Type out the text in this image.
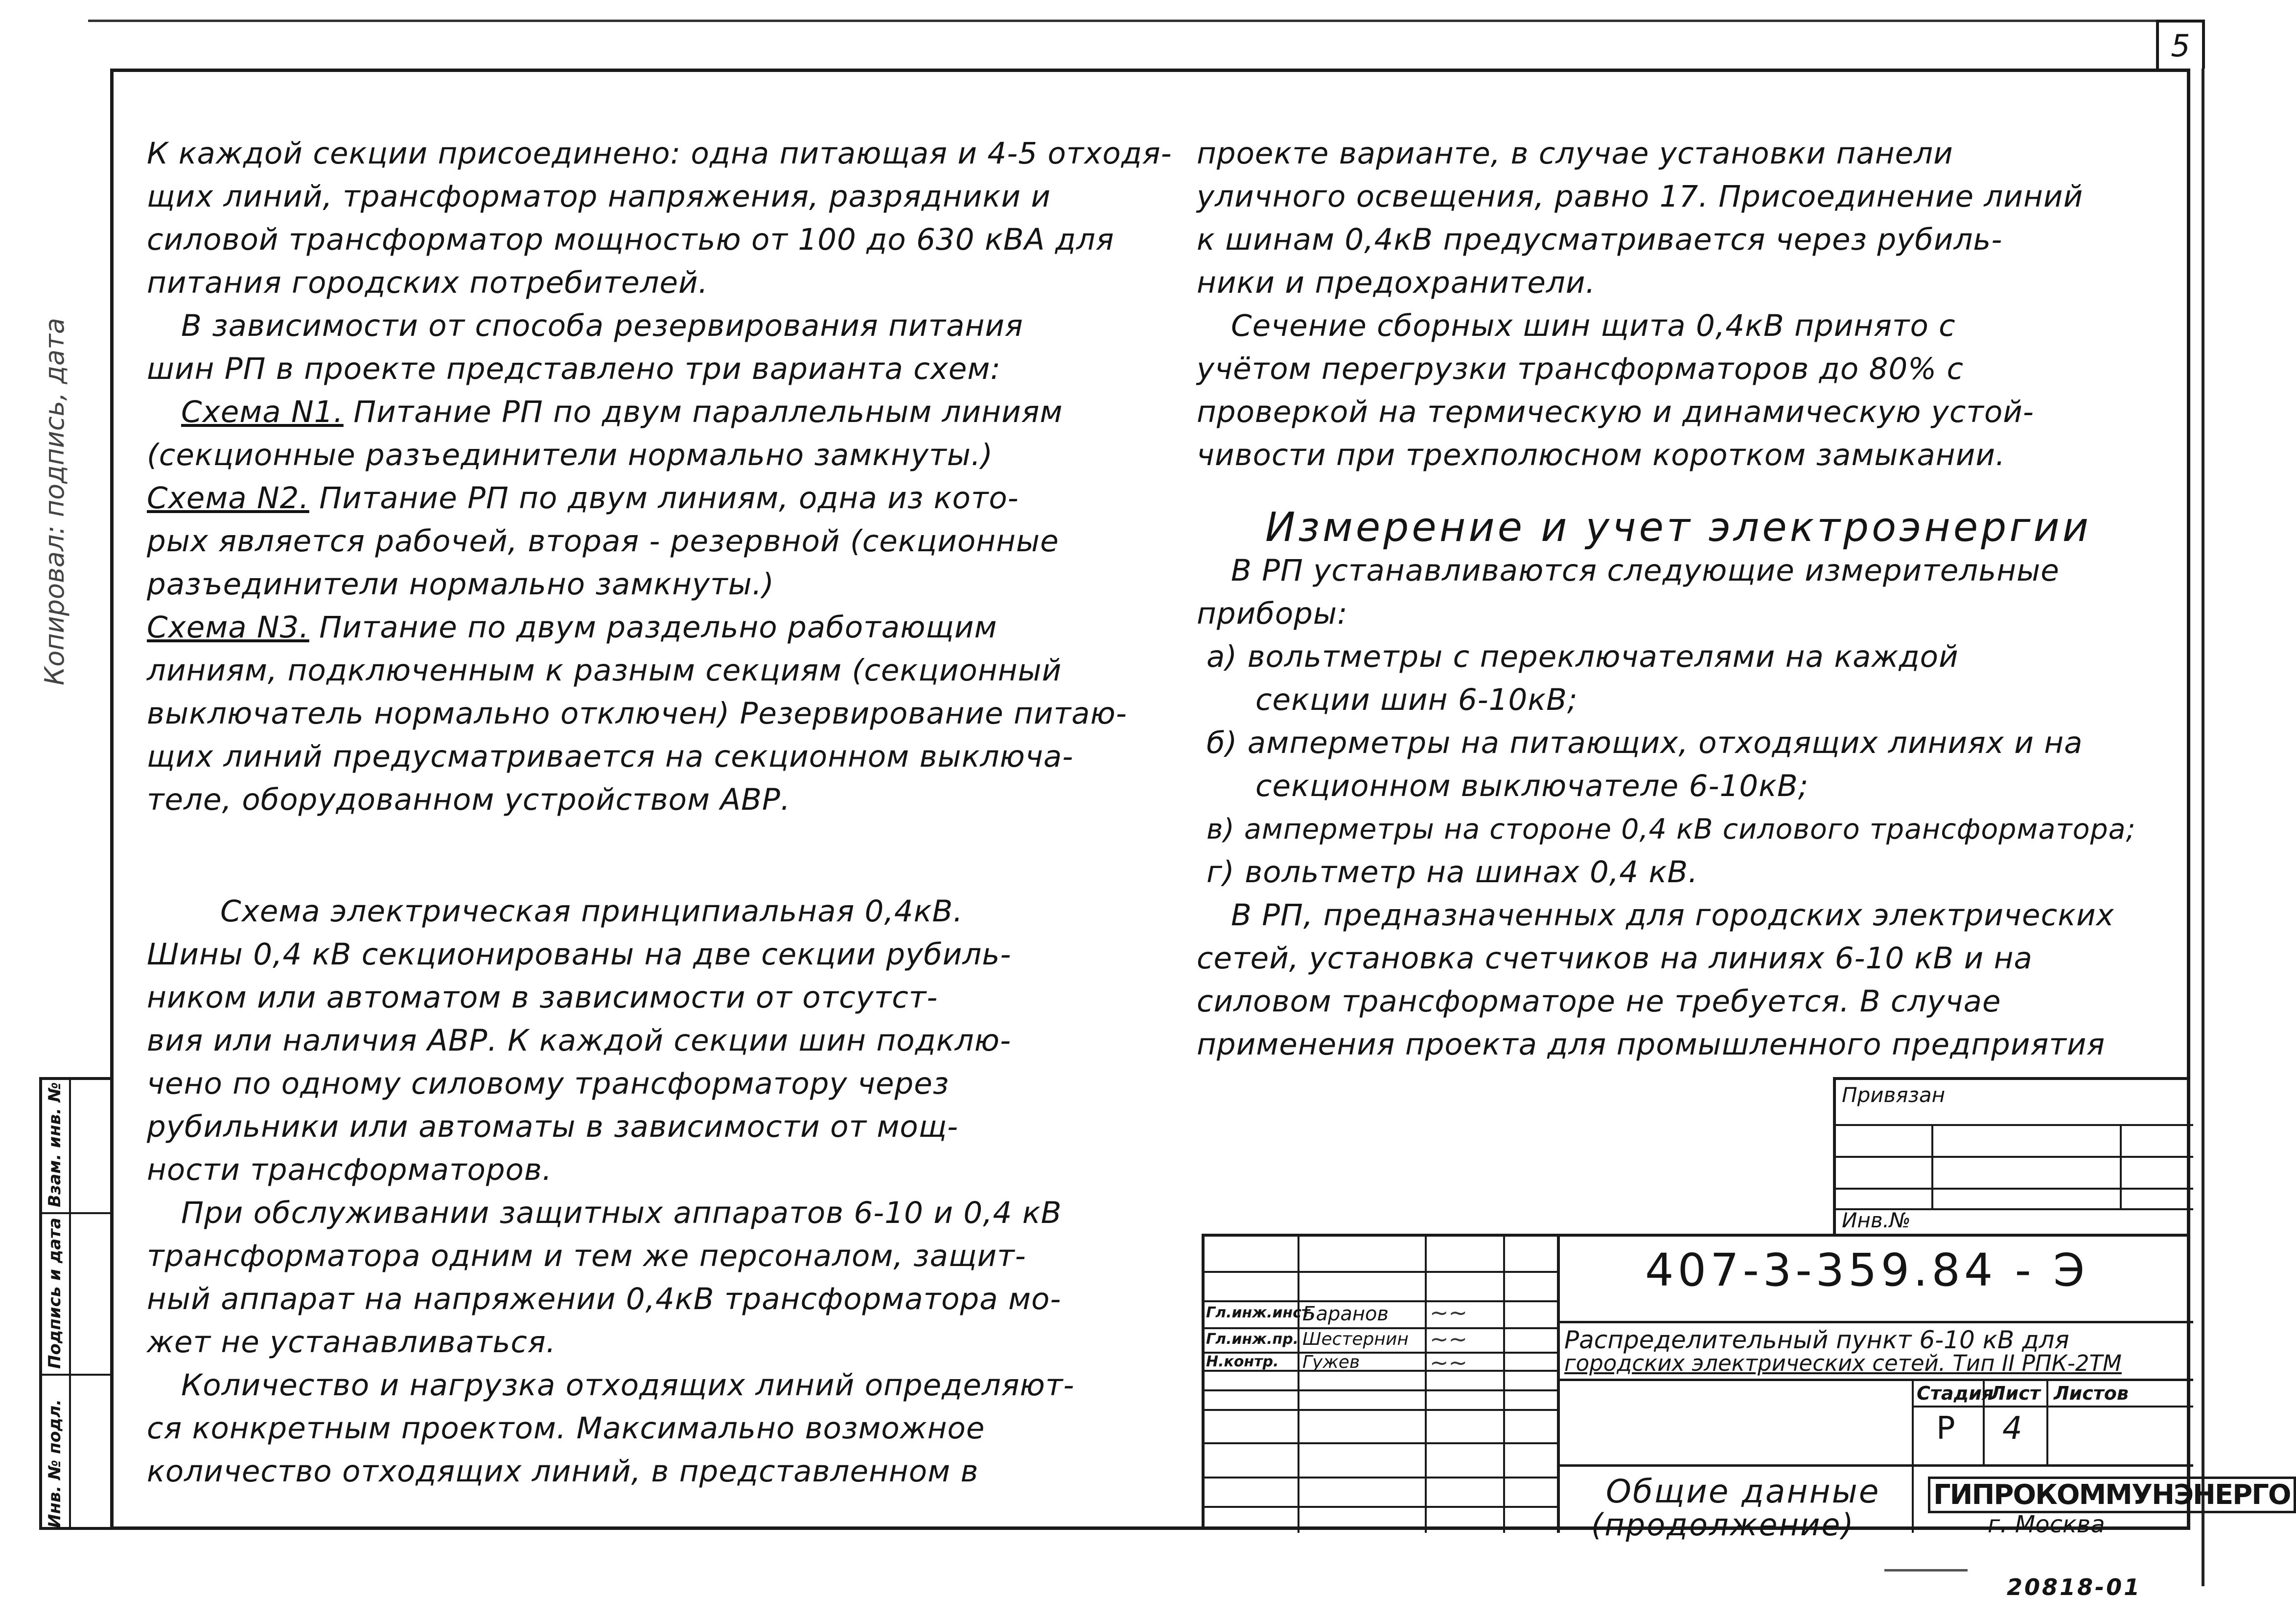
5
Копировал: подпись, дата
Взам. инв. №
Подпись и дата
Инв. № подл.

К каждой секции присоединено: одна питающая и 4-5 отходя-

щих линий, трансформатор напряжения, разрядники и

силовой трансформатор мощностью от 100 до 630 кВА для

питания городских потребителей.

В зависимости от способа резервирования питания

шин РП в проекте представлено три варианта схем:

Схема N1. Питание РП по двум параллельным линиям

(секционные разъединители нормально замкнуты.)

Схема N2. Питание РП по двум линиям, одна из кото-

рых является рабочей, вторая - резервной (секционные

разъединители нормально замкнуты.)

Схема N3. Питание по двум раздельно работающим

линиям, подключенным к разным секциям (секционный

выключатель нормально отключен) Резервирование питаю-

щих линий предусматривается на секционном выключа-

теле, оборудованном устройством АВР.

Схема электрическая принципиальная 0,4кВ.

Шины 0,4 кВ секционированы на две секции рубиль-

ником или автоматом в зависимости от отсутст-

вия или наличия АВР. К каждой секции шин подклю-

чено по одному силовому трансформатору через

рубильники или автоматы в зависимости от мощ-

ности трансформаторов.

При обслуживании защитных аппаратов 6-10 и 0,4 кВ

трансформатора одним и тем же персоналом, защит-

ный аппарат на напряжении 0,4кВ трансформатора мо-

жет не устанавливаться.

Количество и нагрузка отходящих линий определяют-

ся конкретным проектом. Максимально возможное

количество отходящих линий, в представленном в

проекте варианте, в случае установки панели

уличного освещения, равно 17. Присоединение линий

к шинам 0,4кВ предусматривается через рубиль-

ники и предохранители.

Сечение сборных шин щита 0,4кВ принято с

учётом перегрузки трансформаторов до 80% с

проверкой на термическую и динамическую устой-

чивости при трехполюсном коротком замыкании.

Измерение и учет электроэнергии

В РП устанавливаются следующие измерительные

приборы:

а) вольтметры с переключателями на каждой

секции шин 6-10кВ;

б) амперметры на питающих, отходящих линиях и на

секционном выключателе 6-10кВ;

в) амперметры на стороне 0,4 кВ силового трансформатора;

г) вольтметр на шинах 0,4 кВ.

В РП, предназначенных для городских электрических

сетей, установка счетчиков на линиях 6-10 кВ и на

силовом трансформаторе не требуется. В случае

применения проекта для промышленного предприятия

Привязан
Инв.№
Гл.инж.инст.
Гл.инж.пр.
Н.контр.
Баранов
Шестернин
Гужев
~~
~~
~~
407-3-359.84 - Э
Распределительный пункт 6-10 кВ для
городских электрических сетей. Тип II РПК-2ТМ
Стадия
Лист Листов
Р 4
Общие данные
(продолжение)
ГИПРОКОММУНЭНЕРГО
г. Москва
20818-01
